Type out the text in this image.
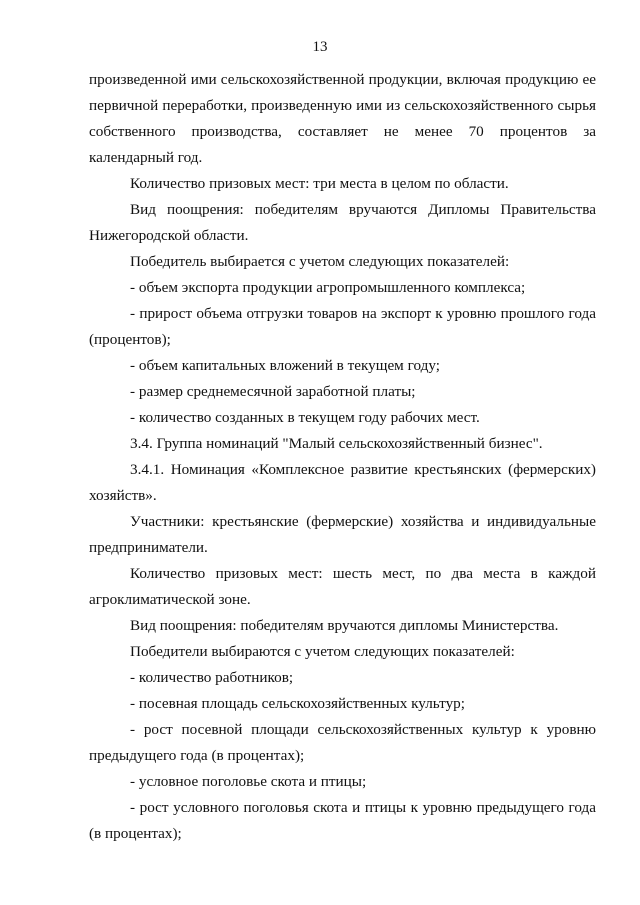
13

произведенной ими сельскохозяйственной продукции, включая продукцию ее первичной переработки, произведенную ими из сельскохозяйственного сырья собственного производства, составляет не менее 70 процентов за календарный год.

Количество призовых мест: три места в целом по области.

Вид поощрения: победителям вручаются Дипломы Правительства Нижегородской области.

Победитель выбирается с учетом следующих показателей:

- объем экспорта продукции агропромышленного комплекса;

- прирост объема отгрузки товаров на экспорт к уровню прошлого года (процентов);

- объем капитальных вложений в текущем году;

- размер среднемесячной заработной платы;

- количество созданных в текущем году рабочих мест.

3.4. Группа номинаций "Малый сельскохозяйственный бизнес".

3.4.1. Номинация «Комплексное развитие крестьянских (фермерских) хозяйств».

Участники: крестьянские (фермерские) хозяйства и индивидуальные предприниматели.

Количество призовых мест: шесть мест, по два места в каждой агроклиматической зоне.

Вид поощрения: победителям вручаются дипломы Министерства.

Победители выбираются с учетом следующих показателей:

- количество работников;

- посевная площадь сельскохозяйственных культур;

- рост посевной площади сельскохозяйственных культур к уровню предыдущего года (в процентах);

- условное поголовье скота и птицы;

- рост условного поголовья скота и птицы к уровню предыдущего года (в процентах);
